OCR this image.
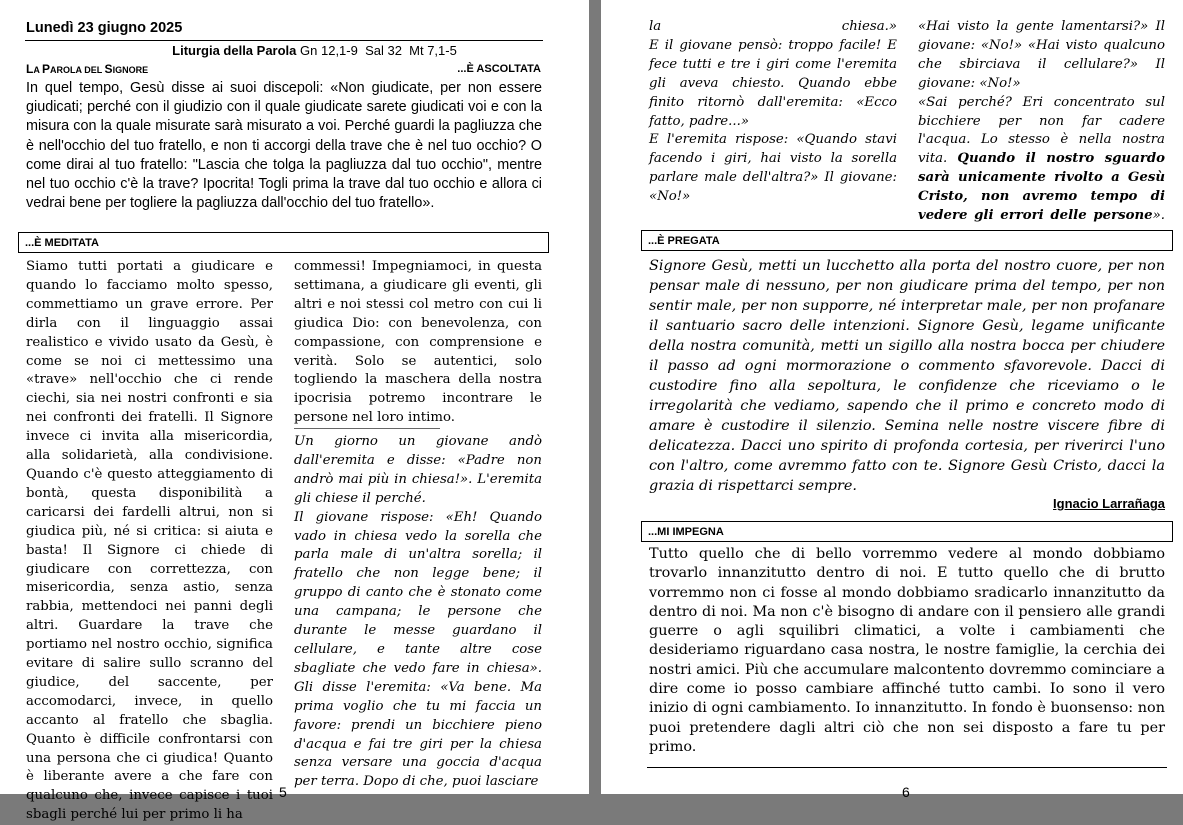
Lunedì 23 giugno 2025
Liturgia della Parola Gn 12,1-9  Sal 32  Mt 7,1-5
LA PAROLA DEL SIGNORE	...È ASCOLTATA

In quel tempo, Gesù disse ai suoi discepoli: «Non giudicate, per non essere giudicati; perché con il giudizio con il quale giudicate sarete giudicati voi e con la misura con la quale misurate sarà misurato a voi. Perché guardi la pagliuzza che è nell'occhio del tuo fratello, e non ti accorgi della trave che è nel tuo occhio? O come dirai al tuo fratello: "Lascia che tolga la pagliuzza dal tuo occhio", mentre nel tuo occhio c'è la trave? Ipocrita! Togli prima la trave dal tuo occhio e allora ci vedrai bene per togliere la pagliuzza dall'occhio del tuo fratello».

...È MEDITATA

Siamo tutti portati a giudicare e quando lo facciamo molto spesso, commettiamo un grave errore. Per dirla con il linguaggio assai realistico e vivido usato da Gesù, è come se noi ci mettessimo una «trave» nell'occhio che ci rende ciechi, sia nei nostri confronti e sia nei confronti dei fratelli. Il Signore invece ci invita alla misericordia, alla solidarietà, alla condivisione. Quando c'è questo atteggiamento di bontà, questa disponibilità a caricarsi dei fardelli altrui, non si giudica più, né si critica: si aiuta e basta! Il Signore ci chiede di giudicare con correttezza, con misericordia, senza astio, senza rabbia, mettendoci nei panni degli altri. Guardare la trave che portiamo nel nostro occhio, significa evitare di salire sullo scranno del giudice, del saccente, per accomodarci, invece, in quello accanto al fratello che sbaglia. Quanto è difficile confrontarsi con una persona che ci giudica! Quanto è liberante avere a che fare con qualcuno che, invece capisce i tuoi sbagli perché lui per primo li ha

commessi! Impegniamoci, in questa settimana, a giudicare gli eventi, gli altri e noi stessi col metro con cui li giudica Dio: con benevolenza, con compassione, con comprensione e verità. Solo se autentici, solo togliendo la maschera della nostra ipocrisia potremo incontrare le persone nel loro intimo.

Un giorno un giovane andò dall'eremita e disse: «Padre non andrò mai più in chiesa!». L'eremita gli chiese il perché.

Il giovane rispose: «Eh! Quando vado in chiesa vedo la sorella che parla male di un'altra sorella; il fratello che non legge bene; il gruppo di canto che è stonato come una campana; le persone che durante le messe guardano il cellulare, e tante altre cose sbagliate che vedo fare in chiesa». Gli disse l'eremita: «Va bene. Ma prima voglio che tu mi faccia un favore: prendi un bicchiere pieno d'acqua e fai tre giri per la chiesa senza versare una goccia d'acqua per terra. Dopo di che, puoi lasciare

5

la chiesa.»

E il giovane pensò: troppo facile! E fece tutti e tre i giri come l'eremita gli aveva chiesto. Quando ebbe finito ritornò dall'eremita: «Ecco fatto, padre...»

E l'eremita rispose: «Quando stavi facendo i giri, hai visto la sorella parlare male dell'altra?» Il giovane: «No!»

«Hai visto la gente lamentarsi?» Il giovane: «No!» «Hai visto qualcuno che sbirciava il cellulare?» Il giovane: «No!»

«Sai perché? Eri concentrato sul bicchiere per non far cadere l'acqua. Lo stesso è nella nostra vita. Quando il nostro sguardo sarà unicamente rivolto a Gesù Cristo, non avremo tempo di vedere gli errori delle persone».

...È PREGATA

Signore Gesù, metti un lucchetto alla porta del nostro cuore, per non pensar male di nessuno, per non giudicare prima del tempo, per non sentir male, per non supporre, né interpretar male, per non profanare il santuario sacro delle intenzioni. Signore Gesù, legame unificante della nostra comunità, metti un sigillo alla nostra bocca per chiudere il passo ad ogni mormorazione o commento sfavorevole. Dacci di custodire fino alla sepoltura, le confidenze che riceviamo o le irregolarità che vediamo, sapendo che il primo e concreto modo di amare è custodire il silenzio. Semina nelle nostre viscere fibre di delicatezza. Dacci uno spirito di profonda cortesia, per riverirci l'uno con l'altro, come avremmo fatto con te. Signore Gesù Cristo, dacci la grazia di rispettarci sempre.

Ignacio Larrañaga
...MI IMPEGNA

Tutto quello che di bello vorremmo vedere al mondo dobbiamo trovarlo innanzitutto dentro di noi. E tutto quello che di brutto vorremmo non ci fosse al mondo dobbiamo sradicarlo innanzitutto da dentro di noi. Ma non c'è bisogno di andare con il pensiero alle grandi guerre o agli squilibri climatici, a volte i cambiamenti che desideriamo riguardano casa nostra, le nostre famiglie, la cerchia dei nostri amici. Più che accumulare malcontento dovremmo cominciare a dire come io posso cambiare affinché tutto cambi. Io sono il vero inizio di ogni cambiamento. Io innanzitutto. In fondo è buonsenso: non puoi pretendere dagli altri ciò che non sei disposto a fare tu per primo.

6
